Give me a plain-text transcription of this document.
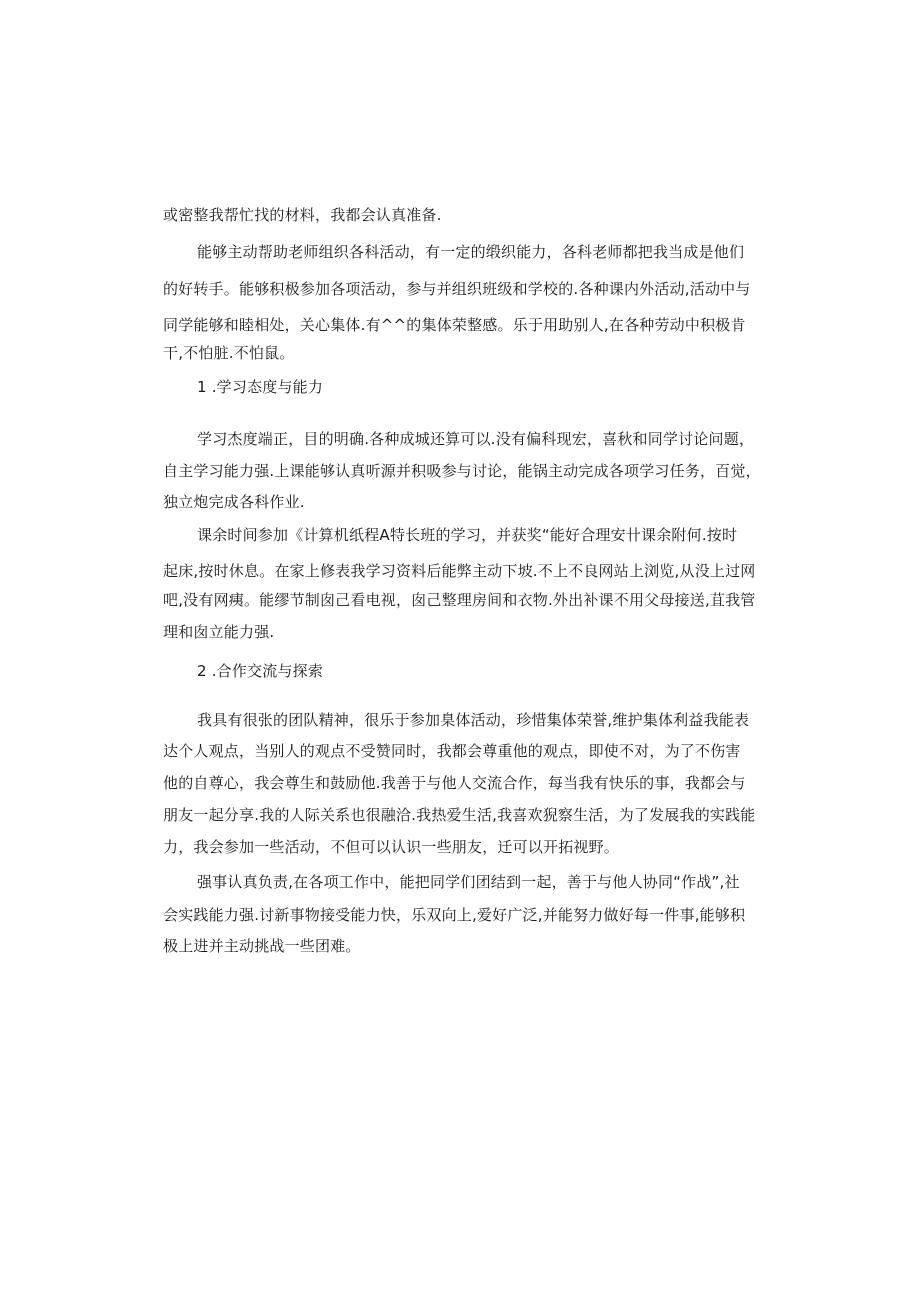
或密整我帮忙找的材料，我都会认真准备.
能够主动帮助老师组织各科活动，有一定的缎织能力，各科老师都把我当成是他们
的好转手。能够积极参加各项活动，参与并组织班级和学校的.各种课内外活动,活动中与
同学能够和睦相处，关心集体.有^^的集体荣整感。乐于用助别人,在各种劳动中积极肯
干,不怕脏.不怕鼠。
1 .学习态度与能力
学习杰度端正，目的明确.各种成城还算可以.没有偏科现宏，喜秋和同学讨论问题，
自主学习能力强.上课能够认真听源并积吸参与讨论，能锅主动完成各项学习任务，百觉，
独立炮完成各科作业.
课余时间参加《计算机纸程A特长班的学习，并获奖“能好合理安卄课余附何.按时
起床,按时休息。在家上修表我学习资料后能弊主动下坡.不上不良网站上浏览,从没上过网
吧,没有网痍。能缪节制囱己看电视，囱己整理房间和衣物.外出补课不用父母接送,苴我管
理和囱立能力强.
2 .合作交流与探索
我具有很张的团队精神，很乐于参加臬体活动，珍惜集体荣誉,维护集体利益我能表
达个人观点，当别人的观点不受赞同时，我都会尊重他的观点，即使不对，为了不伤害
他的自尊心，我会尊生和鼓励他.我善于与他人交流合作，每当我有快乐的事，我都会与
朋友一起分享.我的人际关系也很融洽.我热爱生活,我喜欢猊察生活，为了发展我的实践能
力，我会参加一些活动，不但可以认识一些朋友，迁可以开拓视野。
强事认真负责,在各项工作中，能把同学们团结到一起，善于与他人协同“作战”,社
会实践能力强.讨新事物接受能力快，乐双向上,爱好广泛,并能努力做好每一件事,能够积
极上进并主动挑战一些团难。
